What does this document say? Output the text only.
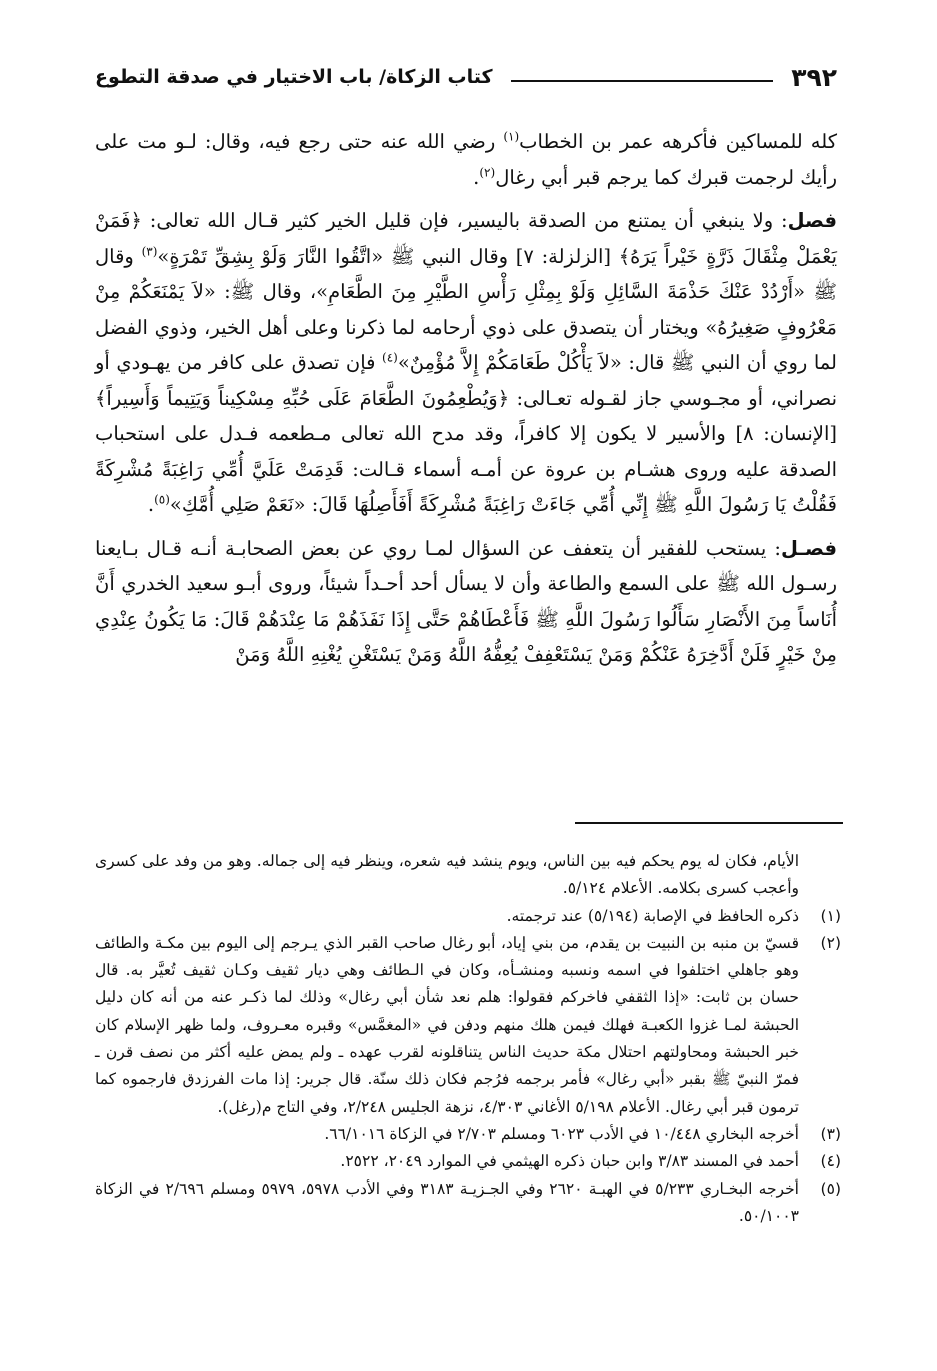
٣٩٢
كتاب الزكاة/ باب الاختيار في صدقة التطوع

كله للمساكين فأكرهه عمر بن الخطاب$^{(١)}$ رضي الله عنه حتى رجع فيه، وقال: لـو مت على رأيك لرجمت قبرك كما يرجم قبر أبي رغال$^{(٢)}$.

فصل: ولا ينبغي أن يمتنع من الصدقة باليسير، فإن قليل الخير كثير قـال الله تعالى: ﴿فَمَنْ يَعْمَلْ مِثْقَالَ ذَرَّةٍ خَيْراً يَرَهُ﴾ [الزلزلة: ٧] وقال النبي ﷺ «اتَّقُوا النَّارَ وَلَوْ بِشِقِّ تَمْرَةٍ»$^{(٣)}$ وقال ﷺ «أَرْدُدْ عَنْكَ حَذْمَةَ السَّائِلِ وَلَوْ بِمِثْلِ رَأْسِ الطَّيْرِ مِنَ الطَّعَامِ»، وقال ﷺ: «لاَ يَمْنَعَكُمْ مِنْ مَعْرُوفٍ صَغِيرُهُ» ويختار أن يتصدق على ذوي أرحامه لما ذكرنا وعلى أهل الخير، وذوي الفضل لما روي أن النبي ﷺ قال: «لاَ يَأْكُلْ طَعَامَكُمْ إِلاَّ مُؤْمِنٌ»$^{(٤)}$ فإن تصدق على كافر من يهـودي أو نصراني، أو مجـوسي جاز لقـوله تعـالى: ﴿وَيُطْعِمُونَ الطَّعَامَ عَلَى حُبِّهِ مِسْكِيناً وَيَتِيماً وَأَسِيراً﴾ [الإنسان: ٨] والأسير لا يكون إلا كافراً، وقد مدح الله تعالى مـطعمه فـدل على استحباب الصدقة عليه وروى هشـام بن عروة عن أمـه أسماء قـالت: قَدِمَتْ عَلَيَّ أُمِّي رَاغِبَةً مُشْرِكَةً فَقُلْتُ يَا رَسُولَ اللَّهِ ﷺ إِنِّي أُمِّي جَاءَتْ رَاغِبَةً مُشْرِكَةً أَفَأَصِلُهَا قَالَ: «نَعَمْ صَلِي أُمَّكِ»$^{(٥)}$.

فصـل: يستحب للفقير أن يتعفف عن السؤال لمـا روي عن بعض الصحابـة أنـه قـال بـايعنا رسـول الله ﷺ على السمع والطاعة وأن لا يسأل أحد أحـداً شيئاً، وروى أبـو سعيد الخدري أَنَّ أُنَاساً مِنَ الأَنْصَارِ سَأَلُوا رَسُولَ اللَّهِ ﷺ فَأَعْطَاهُمْ حَتَّى إِذَا نَفَذَهُمْ مَا عِنْدَهُمْ قَالَ: مَا يَكُونُ عِنْدِي مِنْ خَيْرٍ فَلَنْ أَدَّخِرَهُ عَنْكُمْ وَمَنْ يَسْتَعْفِفْ يُعِفُّهُ اللَّهُ وَمَنْ يَسْتَغْنِ يُغْنِهِ اللَّهُ وَمَنْ

الأيام، فكان له يوم يحكم فيه بين الناس، ويوم ينشد فيه شعره، وينظر فيه إلى جماله. وهو من وفد على كسرى وأعجب كسرى بكلامه. الأعلام ٥/١٢٤.
(١)
ذكره الحافظ في الإصابة (٥/١٩٤) عند ترجمته.
(٢)
قسيّ بن منبه بن النبيت بن يقدم، من بني إياد، أبو رغال صاحب القبر الذي يـرجم إلى اليوم بين مكـة والطائف وهو جاهلي اختلفوا في اسمه ونسبه ومنشـأه، وكان في الـطائف وهي ديار ثقيف وكـان ثقيف تُعيَّر به. قال حسان بن ثابت: «إذا الثقفي فاخركم فقولوا: هلم نعد شأن أبي رغال» وذلك لما ذكـر عنه من أنه كان دليل الحبشة لمـا غزوا الكعبـة فهلك فيمن هلك منهم ودفن في «المغمَّس» وقبره معـروف، ولما ظهر الإسلام كان خبر الحبشة ومحاولتهم احتلال مكة حديث الناس يتناقلونه لقرب عهده ـ ولم يمض عليه أكثر من نصف قرن ـ فمرّ النبيّ ﷺ بقبر «أبي رغال» فأمر برجمه فرُجم فكان ذلك سنّة. قال جرير: إذا مات الفرزدق فارجموه كما ترمون قبر أبي رغال. الأعلام ٥/١٩٨ الأغاني ٤/٣٠٣، نزهة الجليس ٢/٢٤٨، وفي التاج م(رغل).
(٣)
أخرجه البخاري ١٠/٤٤٨ في الأدب ٦٠٢٣ ومسلم ٢/٧٠٣ في الزكاة ٦٦/١٠١٦.
(٤)
أحمد في المسند ٣/٨٣ وابن حبان ذكره الهيثمي في الموارد ٢٠٤٩، ٢٥٢٢.
(٥)
أخرجه البخـاري ٥/٢٣٣ في الهبـة ٢٦٢٠ وفي الجـزيـة ٣١٨٣ وفي الأدب ٥٩٧٨، ٥٩٧٩ ومسلم ٢/٦٩٦ في الزكاة ٥٠/١٠٠٣.
